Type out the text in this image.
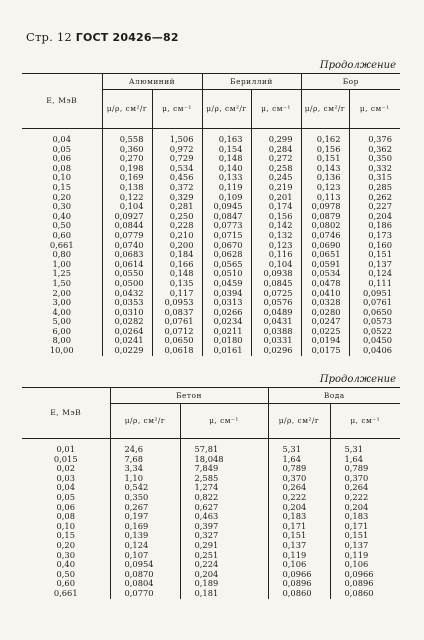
Стр. 12 ГОСТ 20426—82
Продолжение
E, МэВ	Алюминий		Бериллий		Бор	
	μ/ρ, см²/г	μ, см⁻¹	μ/ρ, см²/г	μ, см⁻¹	μ/ρ, см²/г	μ, см⁻¹

0,04	0,558	1,506	0,163	0,299	0,162	0,376
0,05	0,360	0,972	0,154	0,284	0,156	0,362
0,06	0,270	0,729	0,148	0,272	0,151	0,350
0,08	0,198	0,534	0,140	0,258	0,143	0,332
0,10	0,169	0,456	0,133	0,245	0,136	0,315
0,15	0,138	0,372	0,119	0,219	0,123	0,285
0,20	0,122	0,329	0,109	0,201	0,113	0,262
0,30	0,104	0,281	0,0945	0,174	0,0978	0,227
0,40	0,0927	0,250	0,0847	0,156	0,0879	0,204
0,50	0,0844	0,228	0,0773	0,142	0,0802	0,186
0,60	0,0779	0,210	0,0715	0,132	0,0746	0,173
0,661	0,0740	0,200	0,0670	0,123	0,0690	0,160
0,80	0,0683	0,184	0,0628	0,116	0,0651	0,151
1,00	0,0614	0,166	0,0565	0,104	0,0591	0,137
1,25	0,0550	0,148	0,0510	0,0938	0,0534	0,124
1,50	0,0500	0,135	0,0459	0,0845	0,0478	0,111
2,00	0,0432	0,117	0,0394	0,0725	0,0410	0,0951
3,00	0,0353	0,0953	0,0313	0,0576	0,0328	0,0761
4,00	0,0310	0,0837	0,0266	0,0489	0,0280	0,0650
5,00	0,0282	0,0761	0,0234	0,0431	0,0247	0,0573
6,00	0,0264	0,0712	0,0211	0,0388	0,0225	0,0522
8,00	0,0241	0,0650	0,0180	0,0331	0,0194	0,0450
10,00	0,0229	0,0618	0,0161	0,0296	0,0175	0,0406
Продолжение
E, МэВ	Бетон		Вода	
	μ/ρ, см²/г	μ, см⁻¹	μ/ρ, см²/г	μ, см⁻¹

0,01	24,6	57,81	5,31	5,31
0,015	7,68	18,048	1,64	1,64
0,02	3,34	7,849	0,789	0,789
0,03	1,10	2,585	0,370	0,370
0,04	0,542	1,274	0,264	0,264
0,05	0,350	0,822	0,222	0,222
0,06	0,267	0,627	0,204	0,204
0,08	0,197	0,463	0,183	0,183
0,10	0,169	0,397	0,171	0,171
0,15	0,139	0,327	0,151	0,151
0,20	0,124	0,291	0,137	0,137
0,30	0,107	0,251	0,119	0,119
0,40	0,0954	0,224	0,106	0,106
0,50	0,0870	0,204	0,0966	0,0966
0,60	0,0804	0,189	0,0896	0,0896
0,661	0,0770	0,181	0,0860	0,0860
